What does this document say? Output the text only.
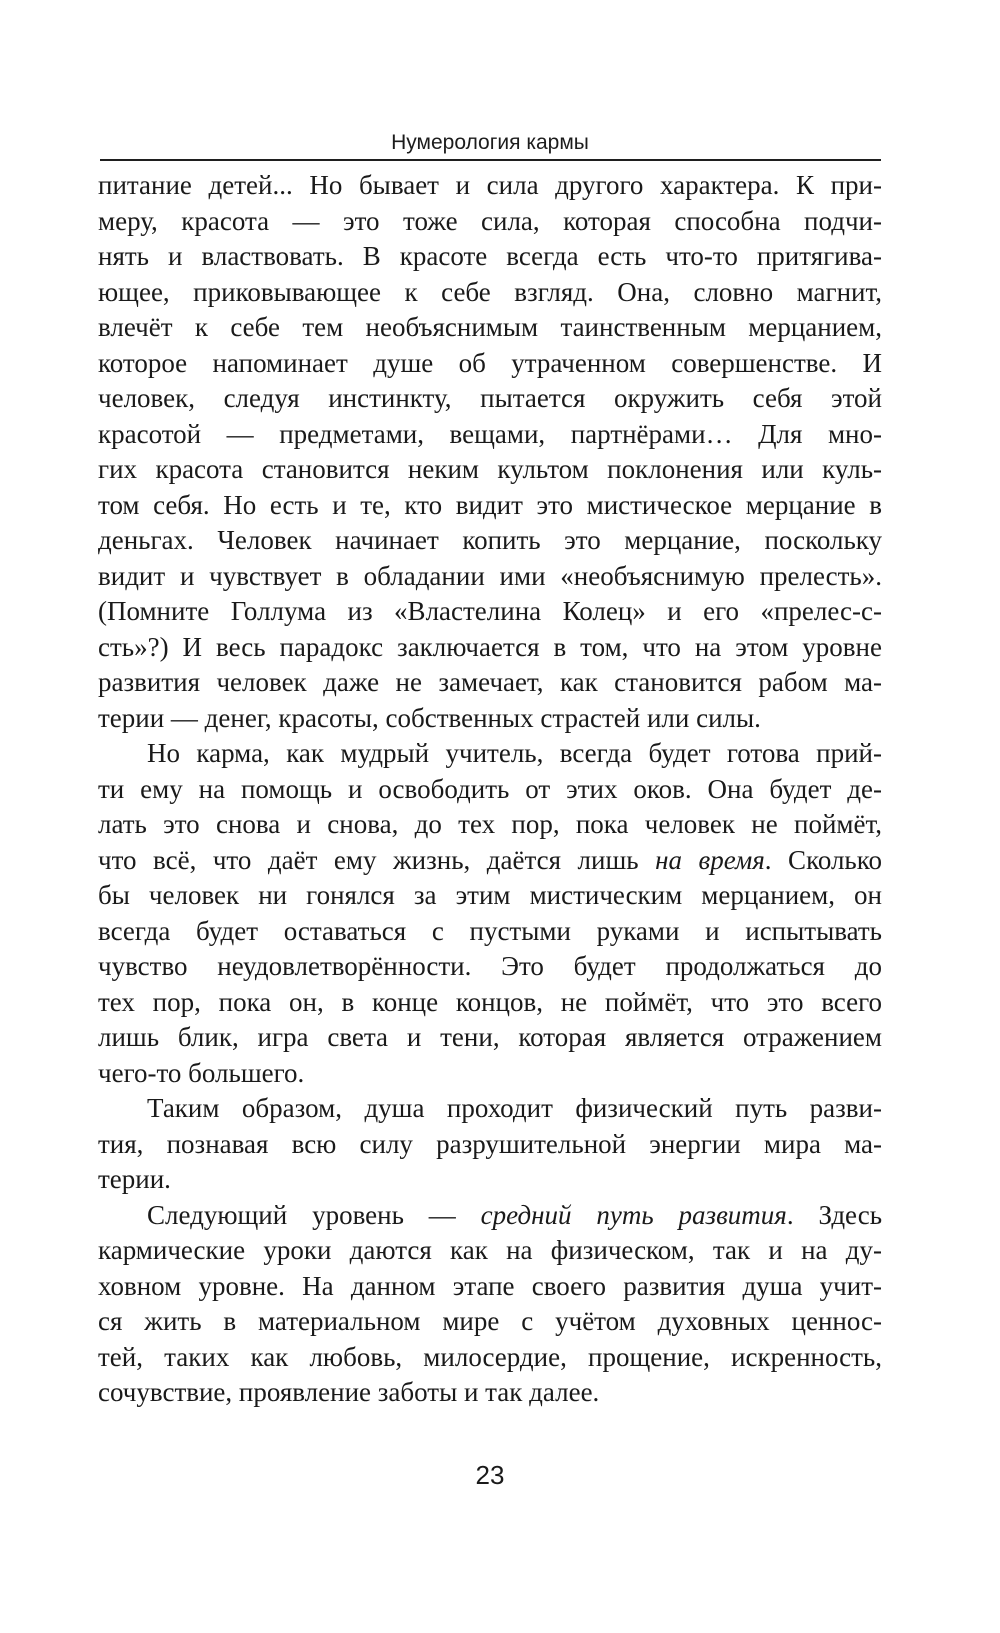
Нумерология кармы
питание детей... Но бывает и сила другого характера. К при-
меру, красота — это тоже сила, которая способна подчи-
нять и властвовать. В красоте всегда есть что-то притягива-
ющее, приковывающее к себе взгляд. Она, словно магнит,
влечёт к себе тем необъяснимым таинственным мерцанием,
которое напоминает душе об утраченном совершенстве. И
человек, следуя инстинкту, пытается окружить себя этой
красотой — предметами, вещами, партнёрами… Для мно-
гих красота становится неким культом поклонения или куль-
том себя. Но есть и те, кто видит это мистическое мерцание в
деньгах. Человек начинает копить это мерцание, поскольку
видит и чувствует в обладании ими «необъяснимую прелесть».
(Помните Голлума из «Властелина Колец» и его «прелес-с-
сть»?) И весь парадокс заключается в том, что на этом уровне
развития человек даже не замечает, как становится рабом ма-
терии — денег, красоты, собственных страстей или силы.
Но карма, как мудрый учитель, всегда будет готова прий-
ти ему на помощь и освободить от этих оков. Она будет де-
лать это снова и снова, до тех пор, пока человек не поймёт,
что всё, что даёт ему жизнь, даётся лишь на время. Сколько
бы человек ни гонялся за этим мистическим мерцанием, он
всегда будет оставаться с пустыми руками и испытывать
чувство неудовлетворённости. Это будет продолжаться до
тех пор, пока он, в конце концов, не поймёт, что это всего
лишь блик, игра света и тени, которая является отражением
чего-то большего.
Таким образом, душа проходит физический путь разви-
тия, познавая всю силу разрушительной энергии мира ма-
терии.
Следующий уровень — средний путь развития. Здесь
кармические уроки даются как на физическом, так и на ду-
ховном уровне. На данном этапе своего развития душа учит-
ся жить в материальном мире с учётом духовных ценнос-
тей, таких как любовь, милосердие, прощение, искренность,
сочувствие, проявление заботы и так далее.
23
